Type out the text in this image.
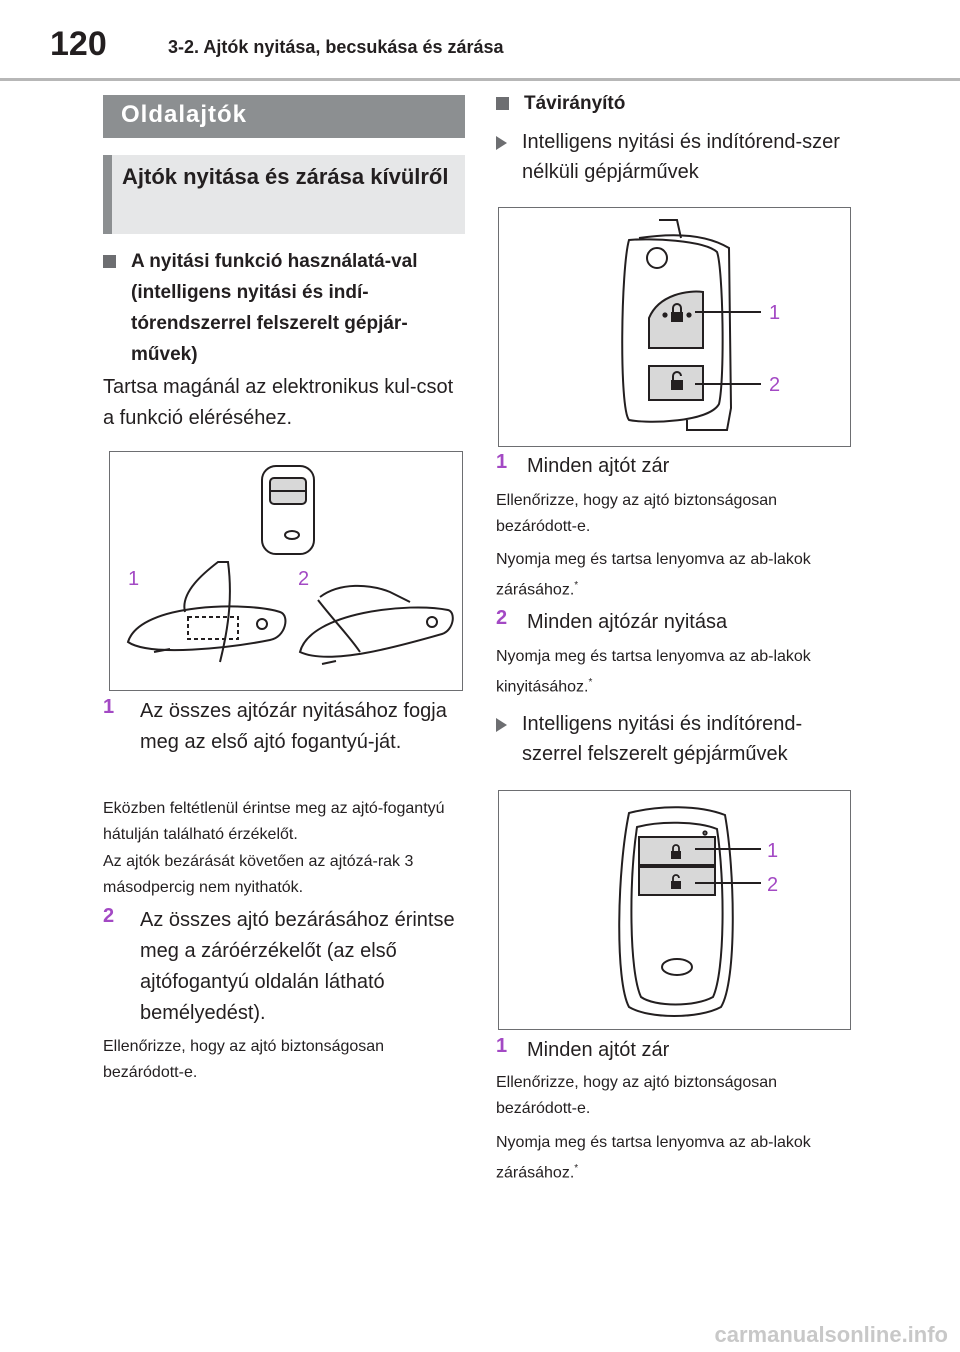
120	3-2. Ajtók nyitása, becsukása és zárása
Oldalajtók
Ajtók nyitása és zárása kívülről
A nyitási funkció használatá-val (intelligens nyitási és indí-tórendszerrel felszerelt gépjár-művek)
Tartsa magánál az elektronikus kul-csot a funkció eléréséhez.
1	2
1 Az összes ajtózár nyitásához fogja meg az első ajtó fogantyú-ját.
Eközben feltétlenül érintse meg az ajtó-fogantyú hátulján található érzékelőt.
Az ajtók bezárását követően az ajtózá-rak 3 másodpercig nem nyithatók.
2 Az összes ajtó bezárásához érintse meg a záróérzékelőt (az első ajtófogantyú oldalán látható bemélyedést).
Ellenőrizze, hogy az ajtó biztonságosan bezáródott-e.
Távirányító
Intelligens nyitási és indítórend-szer nélküli gépjárművek
1
2
1 Minden ajtót zár
Ellenőrizze, hogy az ajtó biztonságosan bezáródott-e.
Nyomja meg és tartsa lenyomva az ab-lakok zárásához.*
2 Minden ajtózár nyitása
Nyomja meg és tartsa lenyomva az ab-lakok kinyitásához.*
Intelligens nyitási és indítórend-szerrel felszerelt gépjárművek
1
2
1 Minden ajtót zár
Ellenőrizze, hogy az ajtó biztonságosan bezáródott-e.
Nyomja meg és tartsa lenyomva az ab-lakok zárásához.*
carmanualsonline.info
